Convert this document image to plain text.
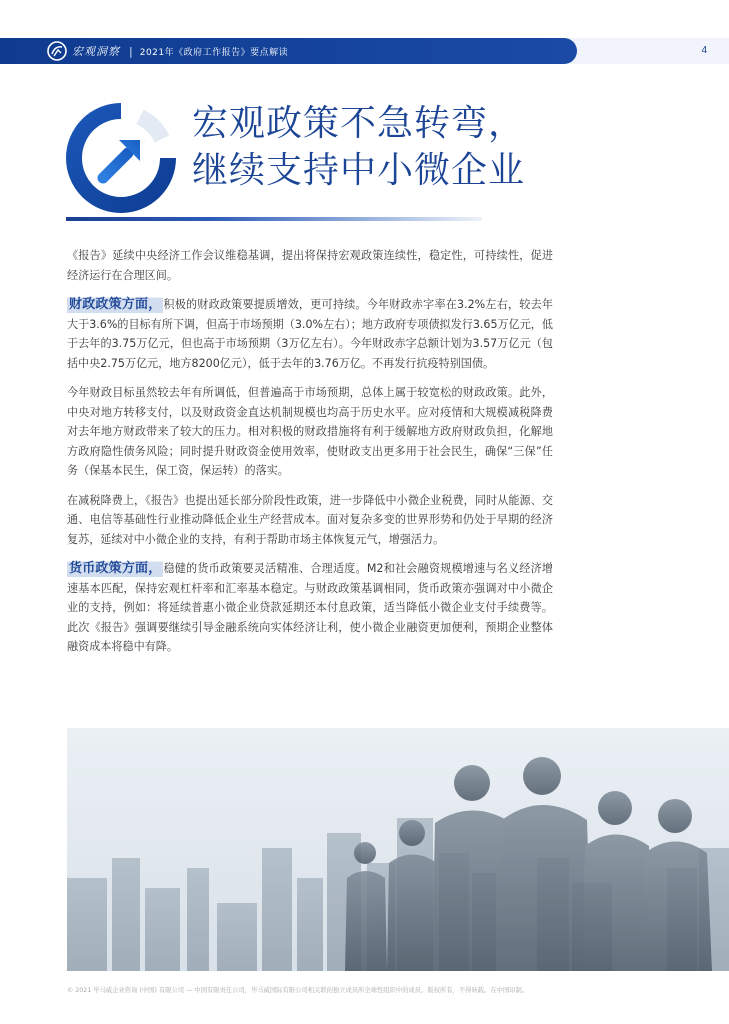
宏观洞察 | 2021年《政府工作报告》要点解读	4
宏观政策不急转弯，
继续支持中小微企业

《报告》延续中央经济工作会议维稳基调，提出将保持宏观政策连续性，稳定性，可持续性，促进经济运行在合理区间。

财政政策方面， 积极的财政政策要提质增效，更可持续。今年财政赤字率在3.2%左右，较去年大于3.6%的目标有所下调，但高于市场预期（3.0%左右）；地方政府专项债拟发行3.65万亿元，低于去年的3.75万亿元，但也高于市场预期（3万亿左右）。今年财政赤字总额计划为3.57万亿元（包括中央2.75万亿元，地方8200亿元），低于去年的3.76万亿。不再发行抗疫特别国债。

今年财政目标虽然较去年有所调低，但普遍高于市场预期，总体上属于较宽松的财政政策。此外，中央对地方转移支付，以及财政资金直达机制规模也均高于历史水平。应对疫情和大规模减税降费对去年地方财政带来了较大的压力。相对积极的财政措施将有利于缓解地方政府财政负担，化解地方政府隐性债务风险；同时提升财政资金使用效率，使财政支出更多用于社会民生，确保“三保”任务（保基本民生，保工资，保运转）的落实。

在减税降费上，《报告》也提出延长部分阶段性政策，进一步降低中小微企业税费，同时从能源、交通、电信等基础性行业推动降低企业生产经营成本。面对复杂多变的世界形势和仍处于早期的经济复苏，延续对中小微企业的支持，有利于帮助市场主体恢复元气，增强活力。

货币政策方面， 稳健的货币政策要灵活精准、合理适度。M2和社会融资规模增速与名义经济增速基本匹配，保持宏观杠杆率和汇率基本稳定。与财政政策基调相同，货币政策亦强调对中小微企业的支持，例如：将延续普惠小微企业贷款延期还本付息政策，适当降低小微企业支付手续费等。此次《报告》强调要继续引导金融系统向实体经济让利，使小微企业融资更加便利，预期企业整体融资成本将稳中有降。

© 2021 毕马威企业咨询 (中国) 有限公司 — 中国有限责任公司，毕马威国际有限公司相关联的独立成员所全球性组织中的成员。版权所有，不得转载。在中国印制。
